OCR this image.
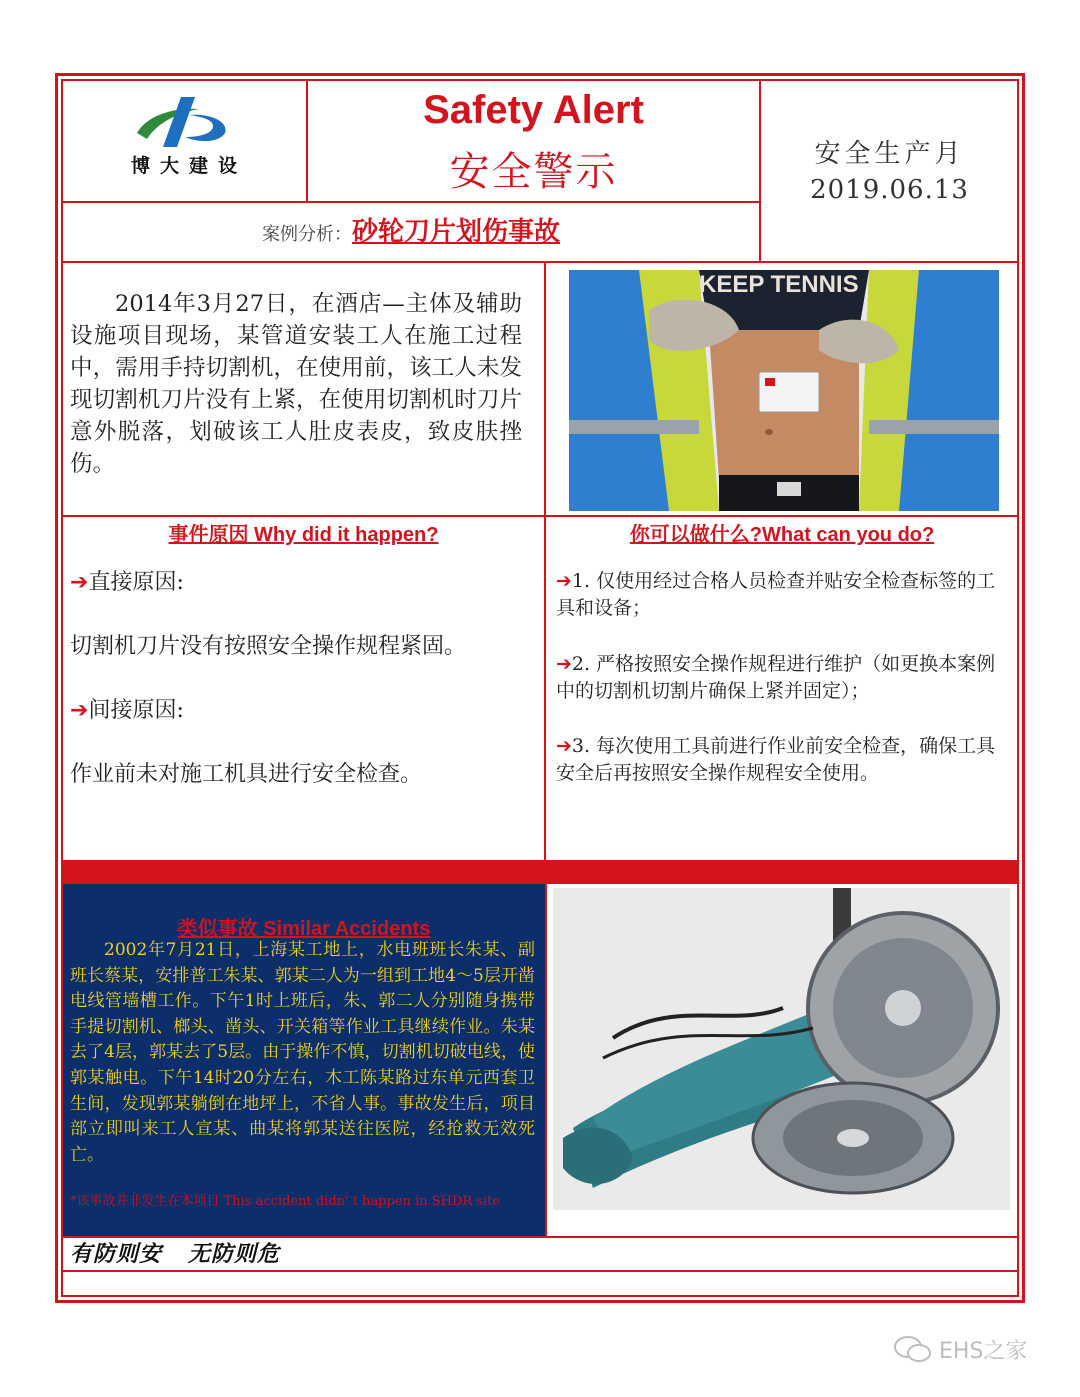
博大建设
Safety Alert
安全警示	安全生产月
2019.06.13
案例分析：砂轮刀片划伤事故
2014年3月27日，在酒店—主体及辅助设施项目现场，某管道安装工人在施工过程中，需用手持切割机，在使用前，该工人未发现切割机刀片没有上紧，在使用切割机时刀片意外脱落，划破该工人肚皮表皮，致皮肤挫伤。
KEEP TENNIS
事件原因 Why did it happen?
➔直接原因:
切割机刀片没有按照安全操作规程紧固。
➔间接原因:
作业前未对施工机具进行安全检查。
你可以做什么?What can you do?
➔1. 仅使用经过合格人员检查并贴安全检查标签的工具和设备；
➔2. 严格按照安全操作规程进行维护（如更换本案例中的切割机切割片确保上紧并固定）；
➔3. 每次使用工具前进行作业前安全检查，确保工具安全后再按照安全操作规程安全使用。
类似事故 Similar Accidents
2002年7月21日，上海某工地上，水电班班长朱某、副班长蔡某，安排普工朱某、郭某二人为一组到工地4～5层开凿电线管墙槽工作。下午1时上班后，朱、郭二人分别随身携带手提切割机、榔头、凿头、开关箱等作业工具继续作业。朱某去了4层，郭某去了5层。由于操作不慎，切割机切破电线，使郭某触电。下午14时20分左右，木工陈某路过东单元西套卫生间，发现郭某躺倒在地坪上，不省人事。事故发生后，项目部立即叫来工人宣某、曲某将郭某送往医院，经抢救无效死亡。
*该事故并非发生在本项目 This accident didn' t happen in SHDR site
有防则安   无防则危
EHS之家
